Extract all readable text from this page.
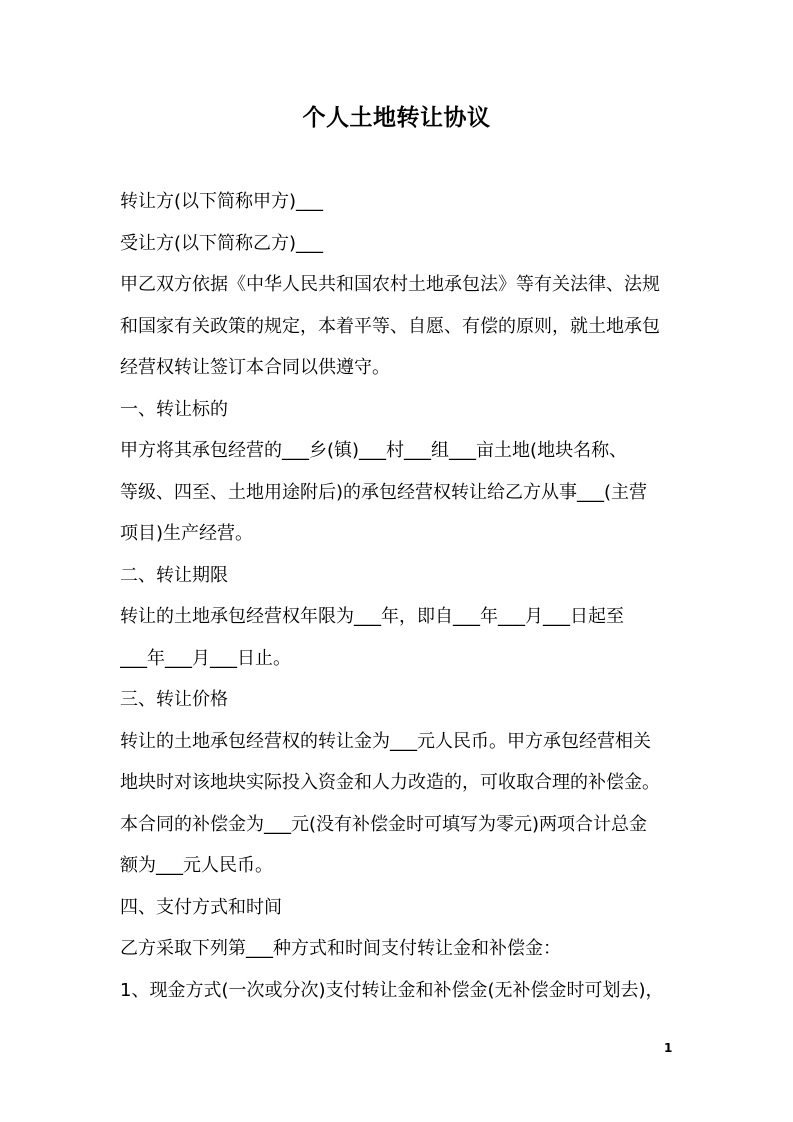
个人土地转让协议
转让方(以下简称甲方)___
受让方(以下简称乙方)___
甲乙双方依据《中华人民共和国农村土地承包法》等有关法律、法规
和国家有关政策的规定，本着平等、自愿、有偿的原则，就土地承包
经营权转让签订本合同以供遵守。
一、转让标的
甲方将其承包经营的___乡(镇)___村___组___亩土地(地块名称、
等级、四至、土地用途附后)的承包经营权转让给乙方从事___(主营
项目)生产经营。
二、转让期限
转让的土地承包经营权年限为___年，即自___年___月___日起至
___年___月___日止。
三、转让价格
转让的土地承包经营权的转让金为___元人民币。甲方承包经营相关
地块时对该地块实际投入资金和人力改造的，可收取合理的补偿金。
本合同的补偿金为___元(没有补偿金时可填写为零元)两项合计总金
额为___元人民币。
四、支付方式和时间
乙方采取下列第___种方式和时间支付转让金和补偿金：
1、现金方式(一次或分次)支付转让金和补偿金(无补偿金时可划去)，
1
